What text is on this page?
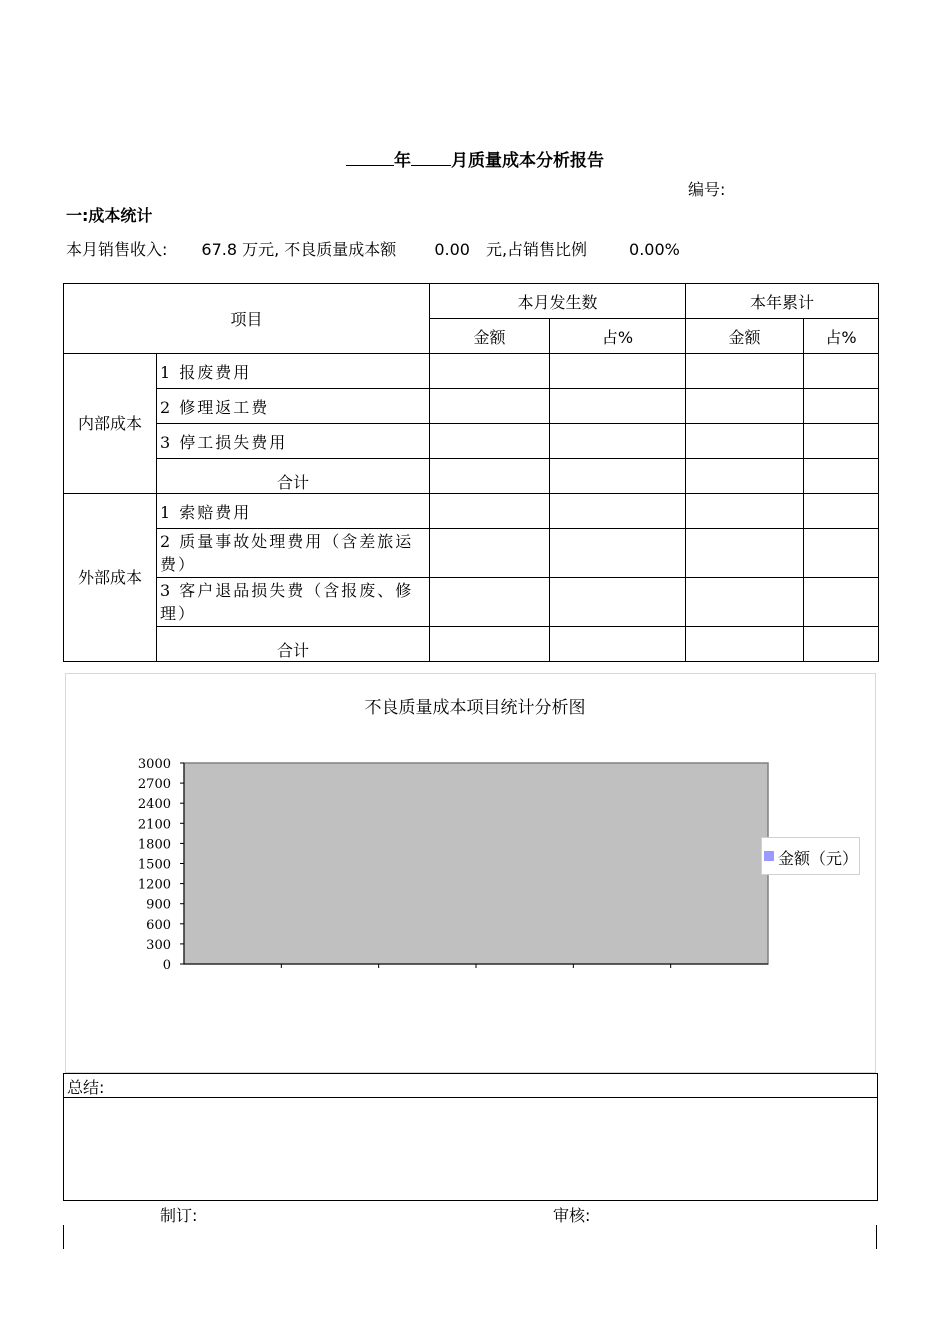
年 月质量成本分析报告
编号:
一:成本统计
本月销售收入: 67.8 万元, 不良质量成本额 0.00 元,占销售比例	0.00%
项目		本月发生数		本年累计	
		金额	占%	金额	占%
内部成本	1 报废费用				
	2 修理返工费				
	3 停工损失费用				
	合计				
外部成本	1 索赔费用				
	2 质量事故处理费用（含差旅运费）				
	3 客户退品损失费（含报废、修理）				
	合计				
不良质量成本项目统计分析图
3000
2700
2400
2100
1800
1500
1200
900
600
300
0
金额（元）
总结:
制订:	审核:
